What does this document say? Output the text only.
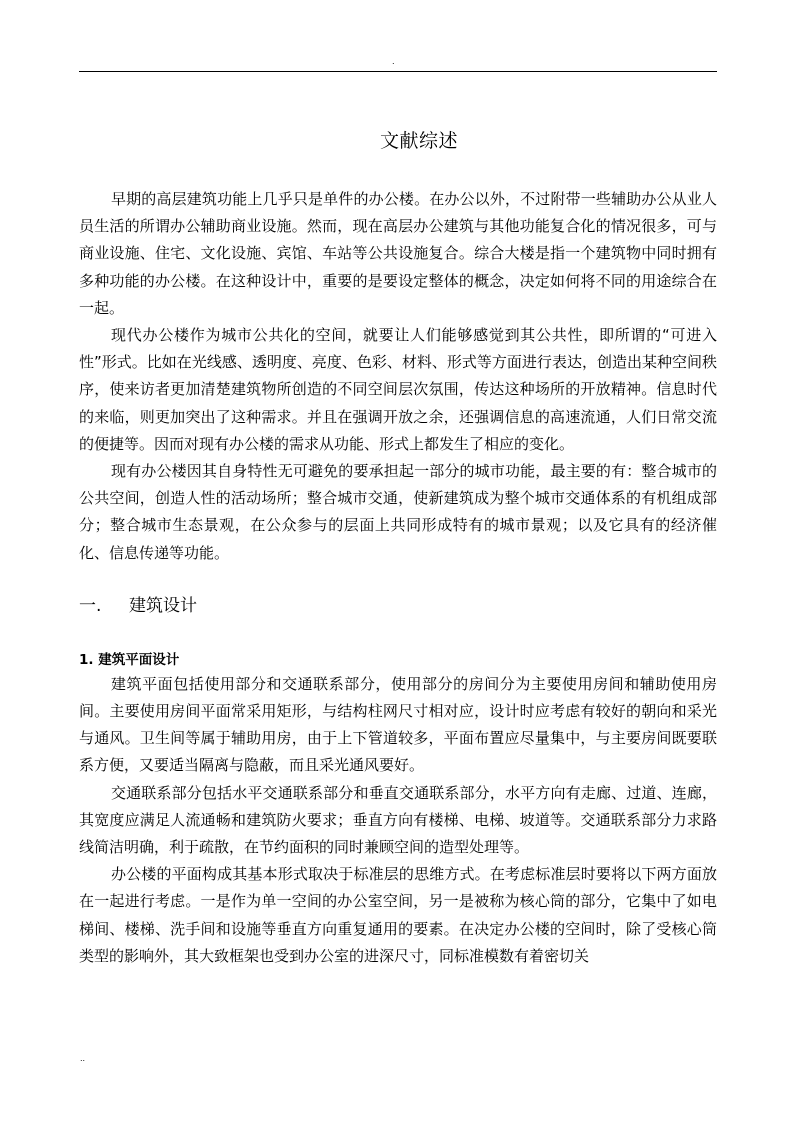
.
文献综述

早期的高层建筑功能上几乎只是单件的办公楼。在办公以外，不过附带一些辅助办公从业人员生活的所谓办公辅助商业设施。然而，现在高层办公建筑与其他功能复合化的情况很多，可与商业设施、住宅、文化设施、宾馆、车站等公共设施复合。综合大楼是指一个建筑物中同时拥有多种功能的办公楼。在这种设计中，重要的是要设定整体的概念，决定如何将不同的用途综合在一起。

现代办公楼作为城市公共化的空间，就要让人们能够感觉到其公共性，即所谓的“可进入性”形式。比如在光线感、透明度、亮度、色彩、材料、形式等方面进行表达，创造出某种空间秩序，使来访者更加清楚建筑物所创造的不同空间层次氛围，传达这种场所的开放精神。信息时代的来临，则更加突出了这种需求。并且在强调开放之余，还强调信息的高速流通，人们日常交流的便捷等。因而对现有办公楼的需求从功能、形式上都发生了相应的变化。

现有办公楼因其自身特性无可避免的要承担起一部分的城市功能，最主要的有：整合城市的公共空间，创造人性的活动场所；整合城市交通，使新建筑成为整个城市交通体系的有机组成部分；整合城市生态景观，在公众参与的层面上共同形成特有的城市景观；以及它具有的经济催化、信息传递等功能。

一. 建筑设计
1. 建筑平面设计

建筑平面包括使用部分和交通联系部分，使用部分的房间分为主要使用房间和辅助使用房间。主要使用房间平面常采用矩形，与结构柱网尺寸相对应，设计时应考虑有较好的朝向和采光与通风。卫生间等属于辅助用房，由于上下管道较多，平面布置应尽量集中，与主要房间既要联系方便，又要适当隔离与隐蔽，而且采光通风要好。

交通联系部分包括水平交通联系部分和垂直交通联系部分，水平方向有走廊、过道、连廊，其宽度应满足人流通畅和建筑防火要求；垂直方向有楼梯、电梯、坡道等。交通联系部分力求路线简洁明确，利于疏散，在节约面积的同时兼顾空间的造型处理等。

办公楼的平面构成其基本形式取决于标准层的思维方式。在考虑标准层时要将以下两方面放在一起进行考虑。一是作为单一空间的办公室空间，另一是被称为核心筒的部分，它集中了如电梯间、楼梯、洗手间和设施等垂直方向重复通用的要素。在决定办公楼的空间时，除了受核心筒类型的影响外，其大致框架也受到办公室的进深尺寸，同标准模数有着密切关

..
